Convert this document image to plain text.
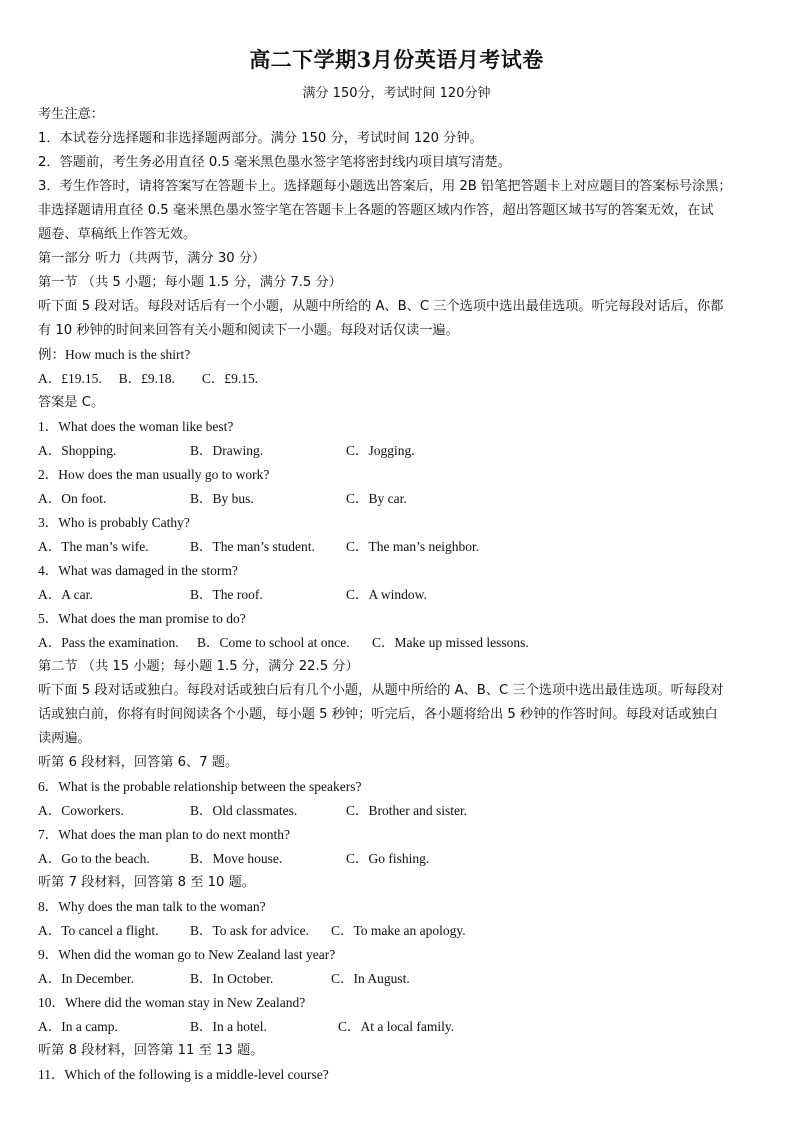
高二下学期3月份英语月考试卷
满分 150分，考试时间 120分钟
考生注意：
1．本试卷分选择题和非选择题两部分。满分 150 分，考试时间 120 分钟。
2．答题前，考生务必用直径 0.5 毫米黑色墨水签字笔将密封线内项目填写清楚。
3．考生作答时，请将答案写在答题卡上。选择题每小题选出答案后，用 2B 铅笔把答题卡上对应题目的答案标号涂黑；
非选择题请用直径 0.5 毫米黑色墨水签字笔在答题卡上各题的答题区域内作答，超出答题区域书写的答案无效，在试
题卷、草稿纸上作答无效。
第一部分 听力（共两节，满分 30 分）
第一节 （共 5 小题；每小题 1.5 分，满分 7.5 分）
听下面 5 段对话。每段对话后有一个小题，从题中所给的 A、B、C 三个选项中选出最佳选项。听完每段对话后，你都
有 10 秒钟的时间来回答有关小题和阅读下一小题。每段对话仅读一遍。
例：How much is the shirt?
A．£19.15.　 B．£9.18.　　C．£9.15.
答案是 C。
1．What does the woman like best?
A．Shopping.	B．Drawing.	C．Jogging.
2．How does the man usually go to work?
A．On foot.	B．By bus.	C．By car.
3．Who is probably Cathy?
A．The man’s wife.	B．The man’s student. C．The man’s neighbor.
4．What was damaged in the storm?
A．A car.	B．The roof.	C．A window.
5．What does the man promise to do?
A．Pass the examination. B．Come to school at once. C．Make up missed lessons.
第二节 （共 15 小题；每小题 1.5 分，满分 22.5 分）
听下面 5 段对话或独白。每段对话或独白后有几个小题，从题中所给的 A、B、C 三个选项中选出最佳选项。听每段对
话或独白前，你将有时间阅读各个小题，每小题 5 秒钟；听完后，各小题将给出 5 秒钟的作答时间。每段对话或独白
读两遍。
听第 6 段材料，回答第 6、7 题。
6．What is the probable relationship between the speakers?
A．Coworkers.	B．Old classmates.	C．Brother and sister.
7．What does the man plan to do next month?
A．Go to the beach.	B．Move house.	C．Go fishing.
听第 7 段材料，回答第 8 至 10 题。
8．Why does the man talk to the woman?
A．To cancel a flight. B．To ask for advice. C．To make an apology.
9．When did the woman go to New Zealand last year?
A．In December.	B．In October.	C．In August.
10．Where did the woman stay in New Zealand?
A．In a camp.	B．In a hotel.	C．At a local family.
听第 8 段材料，回答第 11 至 13 题。
11．Which of the following is a middle-level course?
